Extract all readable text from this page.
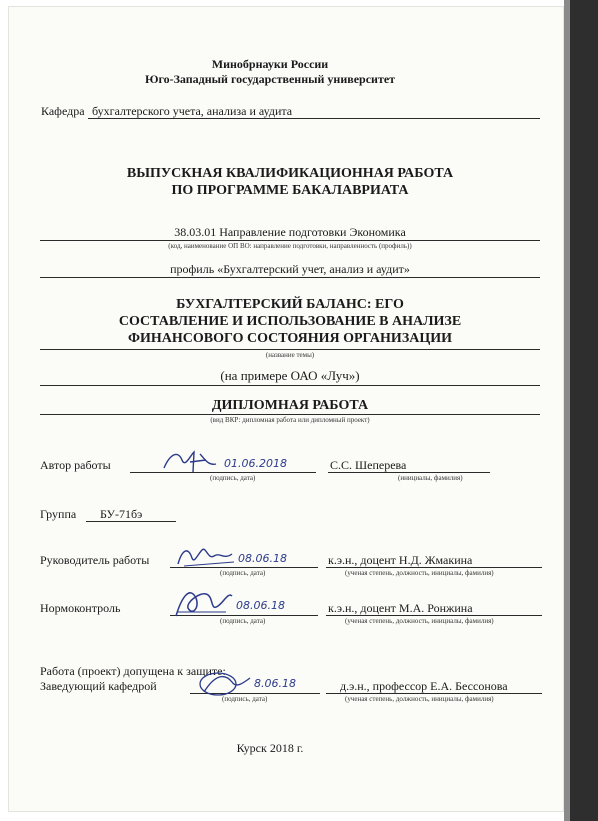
Минобрнауки России
Юго-Западный государственный университет
Кафедра бухгалтерского учета, анализа и аудита
ВЫПУСКНАЯ КВАЛИФИКАЦИОННАЯ РАБОТА
ПО ПРОГРАММЕ БАКАЛАВРИАТА
38.03.01 Направление подготовки Экономика
(код, наименование ОП ВО: направление подготовки, направленность (профиль))
профиль «Бухгалтерский учет, анализ и аудит»
БУХГАЛТЕРСКИЙ БАЛАНС: ЕГО
СОСТАВЛЕНИЕ И ИСПОЛЬЗОВАНИЕ В АНАЛИЗЕ
ФИНАНСОВОГО СОСТОЯНИЯ ОРГАНИЗАЦИИ
(название темы)
(на примере ОАО «Луч»)
ДИПЛОМНАЯ РАБОТА
(вид ВКР: дипломная работа или дипломный проект)
Автор работы	01.06.2018
(подпись, дата)
С.С. Шеперева
(инициалы, фамилия)
Группа БУ-71бэ
Руководитель работы	08.06.18
(подпись, дата)
к.э.н., доцент Н.Д. Жмакина
(ученая степень, должность, инициалы, фамилия)
Нормоконтроль	08.06.18
(подпись, дата)
к.э.н., доцент М.А. Ронжина
(ученая степень, должность, инициалы, фамилия)
Работа (проект) допущена к защите:
Заведующий кафедрой	8.06.18
(подпись, дата)
д.э.н., профессор Е.А. Бессонова
(ученая степень, должность, инициалы, фамилия)
Курск 2018 г.
